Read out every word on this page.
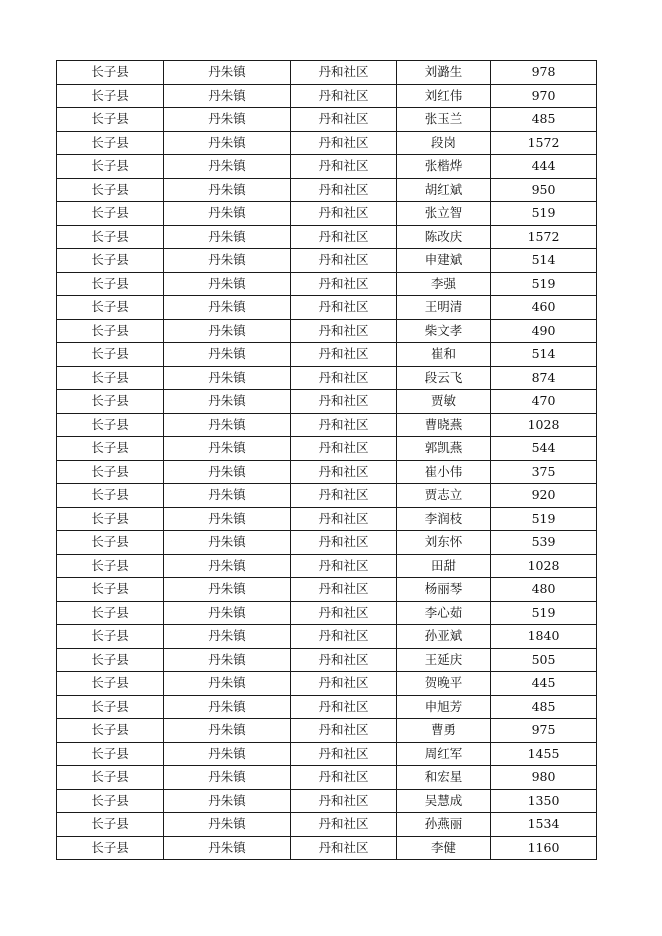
长子县	丹朱镇	丹和社区	刘潞生	978
长子县	丹朱镇	丹和社区	刘红伟	970
长子县	丹朱镇	丹和社区	张玉兰	485
长子县	丹朱镇	丹和社区	段岗	1572
长子县	丹朱镇	丹和社区	张楷烨	444
长子县	丹朱镇	丹和社区	胡红斌	950
长子县	丹朱镇	丹和社区	张立智	519
长子县	丹朱镇	丹和社区	陈改庆	1572
长子县	丹朱镇	丹和社区	申建斌	514
长子县	丹朱镇	丹和社区	李强	519
长子县	丹朱镇	丹和社区	王明清	460
长子县	丹朱镇	丹和社区	柴文孝	490
长子县	丹朱镇	丹和社区	崔和	514
长子县	丹朱镇	丹和社区	段云飞	874
长子县	丹朱镇	丹和社区	贾敏	470
长子县	丹朱镇	丹和社区	曹晓燕	1028
长子县	丹朱镇	丹和社区	郭凯燕	544
长子县	丹朱镇	丹和社区	崔小伟	375
长子县	丹朱镇	丹和社区	贾志立	920
长子县	丹朱镇	丹和社区	李润枝	519
长子县	丹朱镇	丹和社区	刘东怀	539
长子县	丹朱镇	丹和社区	田甜	1028
长子县	丹朱镇	丹和社区	杨丽琴	480
长子县	丹朱镇	丹和社区	李心茹	519
长子县	丹朱镇	丹和社区	孙亚斌	1840
长子县	丹朱镇	丹和社区	王延庆	505
长子县	丹朱镇	丹和社区	贺晚平	445
长子县	丹朱镇	丹和社区	申旭芳	485
长子县	丹朱镇	丹和社区	曹勇	975
长子县	丹朱镇	丹和社区	周红军	1455
长子县	丹朱镇	丹和社区	和宏星	980
长子县	丹朱镇	丹和社区	吴慧成	1350
长子县	丹朱镇	丹和社区	孙燕丽	1534
长子县	丹朱镇	丹和社区	李健	1160
